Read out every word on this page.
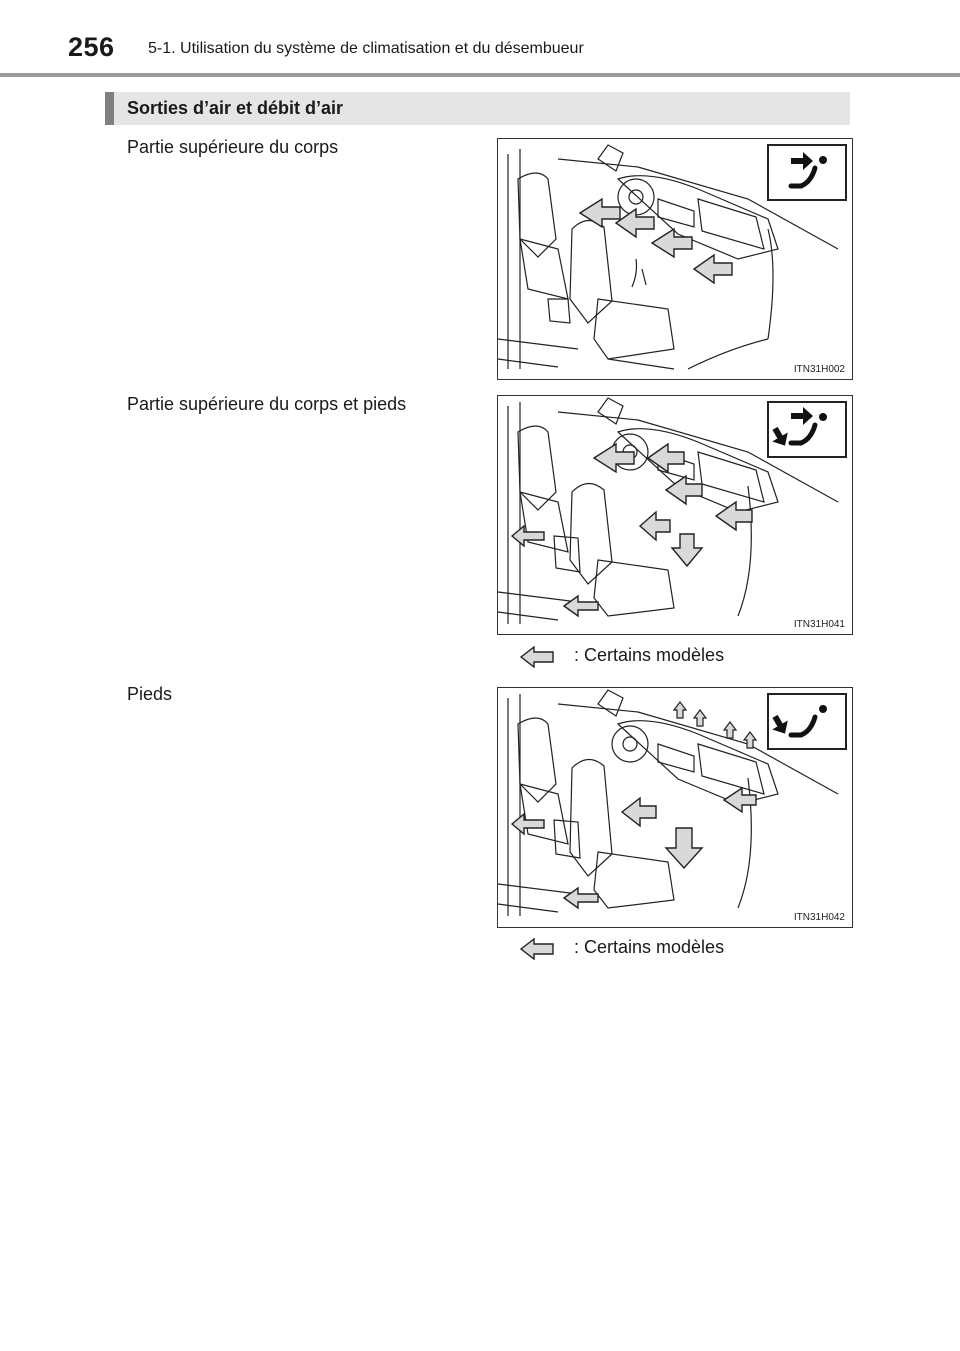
256 5-1. Utilisation du système de climatisation et du désembueur
Sorties d’air et débit d’air
Partie supérieure du corps
ITN31H002
Partie supérieure du corps et pieds
ITN31H041
: Certains modèles
Pieds
ITN31H042
: Certains modèles
